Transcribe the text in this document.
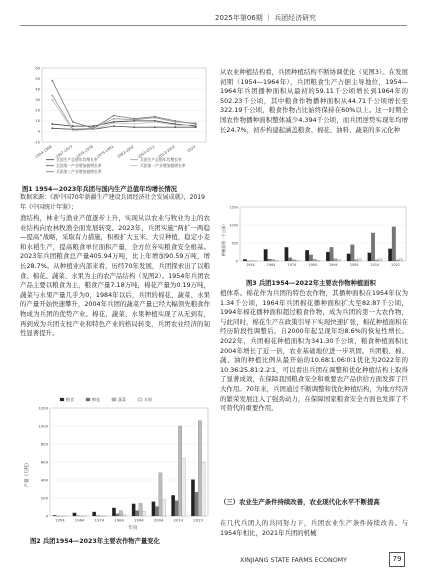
2025年第06期 ｜ 兵团经济研究
60
50
40
30
20
10
0
-10
1954-1966 1967-1973 1974-1978 1979-1992 1993-2002 2003-2012 2013-2022	2023
全国生产总值年均增长率	兵团生产总值年均增长率
全国第一产业增加值增长率	兵团第一产业增加值增长率
兵团第三产业增加值增长率
图1 1954—2023年兵团与国内生产总值年均增长情况
数据来源：《新中国70年新疆生产建设兵团经济社会发展成就》，2019年《中国统计年鉴》；

渔结构，林业与渔业产值逐步上升，实现从以农业与牧业为主的农业结构向农林牧渔全面发展转变。2023年，兵团实施“两扩一两稳—提高”战略，采取有力措施，积极扩大玉米、大豆种植，稳定小麦和水稻生产，提高粮食单位面积产量，全方位夯实粮食安全根基。2023年兵团粮食总产量405.94万吨，比上年增加90.59万吨，增长28.7%。从种植业内部来看，历经70年发展，兵团探索出了以粮食、棉花、蔬菜、水果为主的农产品结构（见图2）。1954年兵团农产品主要以粮食为主，粮食产量7.18万吨，棉花产量为0.19万吨，蔬菜与水果产量几乎为0，1984年以后，兵团的棉花、蔬菜、水果的产量开始快速攀升，2004年兵团的蔬菜产量已经大幅领先粮食作物成为兵团的优势产业。棉花、蔬菜、水果种植实现了从无到有，再到成为兵团支柱产业和特色产业的格局转变，兵团农业经济的韧性显著提升。

1200
1000
800
600
400
200
0
1954	1964	1974	1984	1994	2004	2014	2023
粮食	棉花	蔬菜	水果
产量（万吨）
年份
图2 兵团1954—2023年主要农作物产量变化

从农业种植结构看，兵团种植结构不断协调优化（见图3）。在发展初期（1954—1964年），兵团粮食生产占据主导地位，1954—1964年兵团播种面积从最初的59.11千公顷增长到1964年的502.23千公顷，其中粮食作物播种面积从44.71千公顷增长至322.19千公顷，粮食作物占比始终保持在60%以上。这一时期全国农作物播种面积整体减少4.394千公顷，而兵团逆势实现年均增长24.7%，初步构建起涵盖粮食、棉花、油料、蔬菜的多元化种

1500
1000
500
0
1954	1964	1974	1984	1994	2004	2014	2022
种植面积（千公顷）
图3 兵团1954—2022年主要农作物种植面积

植体系。棉花作为兵团的特色农作物，其播种面积在1954年仅为1.34千公顷，1964年兵团棉花播种面积扩大至82.87千公顷，1994年棉花播种面积超过粮食作物，成为兵团的第一大农作物，与此同时，棉花生产在政策引导下实现快速扩张，棉花种植面积在经历阶段性调整后，自2000年起呈现年均8.6%的恢复性增长。2022年，兵团棉花种植面积为341.30千公顷，粮食种植面积比2004年增长了近一倍，农业基础地位进一步巩固。兵团粮、棉、蔬、油的种植比例从最开始的10.68∶1.06∶0∶1优化为2022年的10.36∶25.81∶2.2∶1，可以看出兵团在调整和优化种植结构上取得了显著成效，在保障我国粮食安全和重要农产品供给方面发挥了巨大作用。70年来，兵团通过不断调整和优化种植结构，为地方经济的繁荣发展注入了强劲动力，在保障国家粮食安全方面也发挥了不可替代的重要作用。

（三）农业生产条件持续改善，农业现代化水平不断提高

在几代兵团人的共同努力下，兵团农业生产条件持续改善。与1954年相比，2021年兵团的机械

XINJIANG STATE FARMS ECONOMY	79
